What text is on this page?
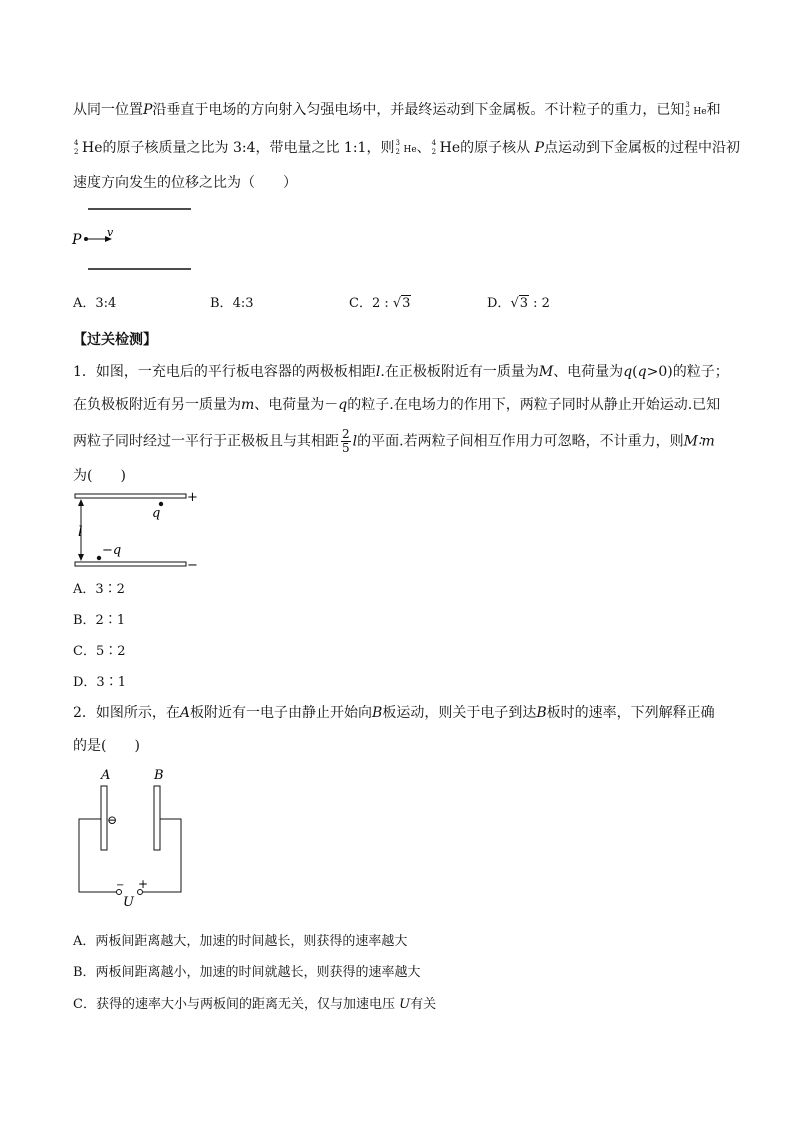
从同一位置P沿垂直于电场的方向射入匀强电场中，并最终运动到下金属板。不计粒子的重力，已知 3
2 He和
4
2 He的原子核质量之比为 3:4，带电量之比 1:1，则 3
2 He、 4
2 He的原子核从 P点运动到下金属板的过程中沿初
速度方向发生的位移之比为（　　）
P v
A．3:4	B．4:3	C．2 : √3	D．√3 : 2
【过关检测】
1．如图，一充电后的平行板电容器的两极板相距l.在正极板附近有一质量为M、电荷量为q(q>0)的粒子；
在负极板附近有另一质量为m、电荷量为－q的粒子.在电场力的作用下，两粒子同时从静止开始运动.已知
两粒子同时经过一平行于正极板且与其相距 $\frac{2}{5}$ l的平面.若两粒子间相互作用力可忽略，不计重力，则M∶m
为(　　)
+
−
q
−q
l
A．3∶2
B．2∶1
C．5∶2
D．3∶1
2．如图所示，在A板附近有一电子由静止开始向B板运动，则关于电子到达B板时的速率，下列解释正确
的是(　　)
A	B
⊖
− +
U
A．两板间距离越大，加速的时间越长，则获得的速率越大
B．两板间距离越小，加速的时间就越长，则获得的速率越大
C．获得的速率大小与两板间的距离无关，仅与加速电压 U有关
